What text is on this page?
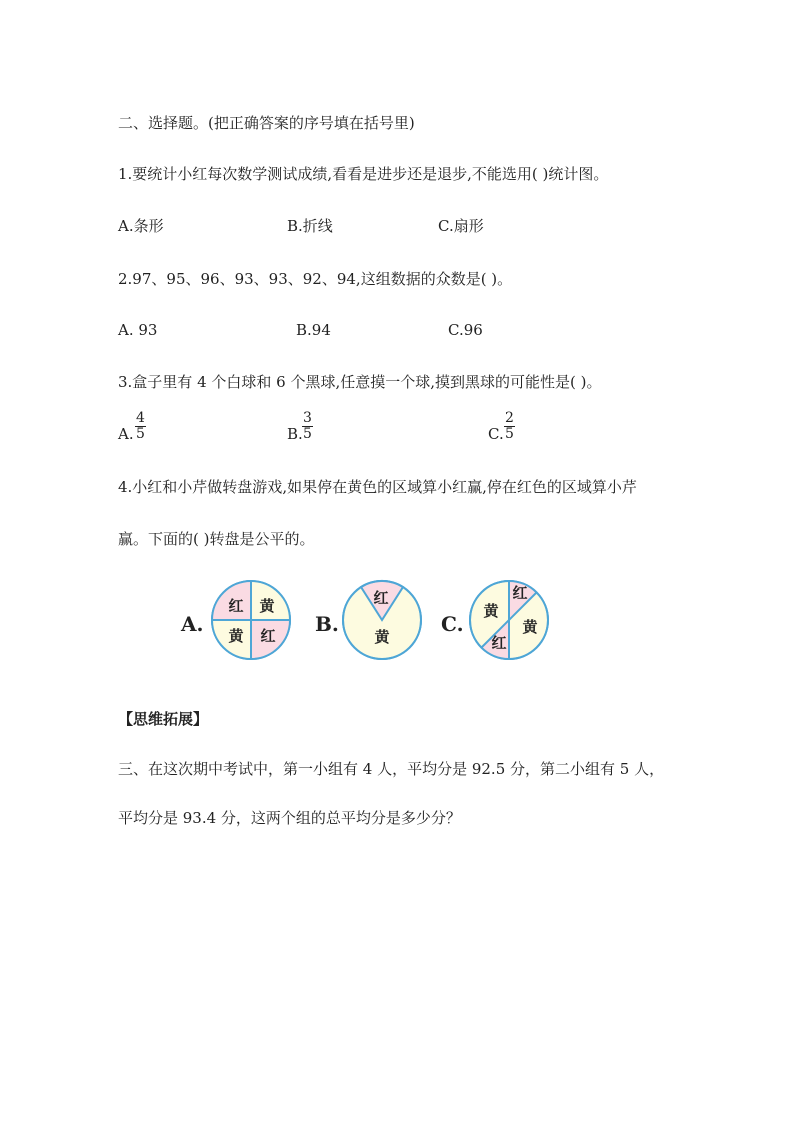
二、选择题。(把正确答案的序号填在括号里)
1.要统计小红每次数学测试成绩,看看是进步还是退步,不能选用( )统计图。
A.条形	B.折线	C.扇形
2.97、95、96、93、93、92、94,这组数据的众数是( )。
A. 93	B.94	C.96
3.盒子里有 4 个白球和 6 个黑球,任意摸一个球,摸到黑球的可能性是( )。
A. $\frac{4}{5}$	B. $\frac{3}{5}$	C. $\frac{2}{5}$
4.小红和小芹做转盘游戏,如果停在黄色的区域算小红赢,停在红色的区域算小芹
赢。下面的( )转盘是公平的。
A.
红 黄
黄 红 B.
红
黄
C.
红
黄
黄
红
【思维拓展】
三、在这次期中考试中，第一小组有 4 人，平均分是 92.5 分，第二小组有 5 人，
平均分是 93.4 分，这两个组的总平均分是多少分？
